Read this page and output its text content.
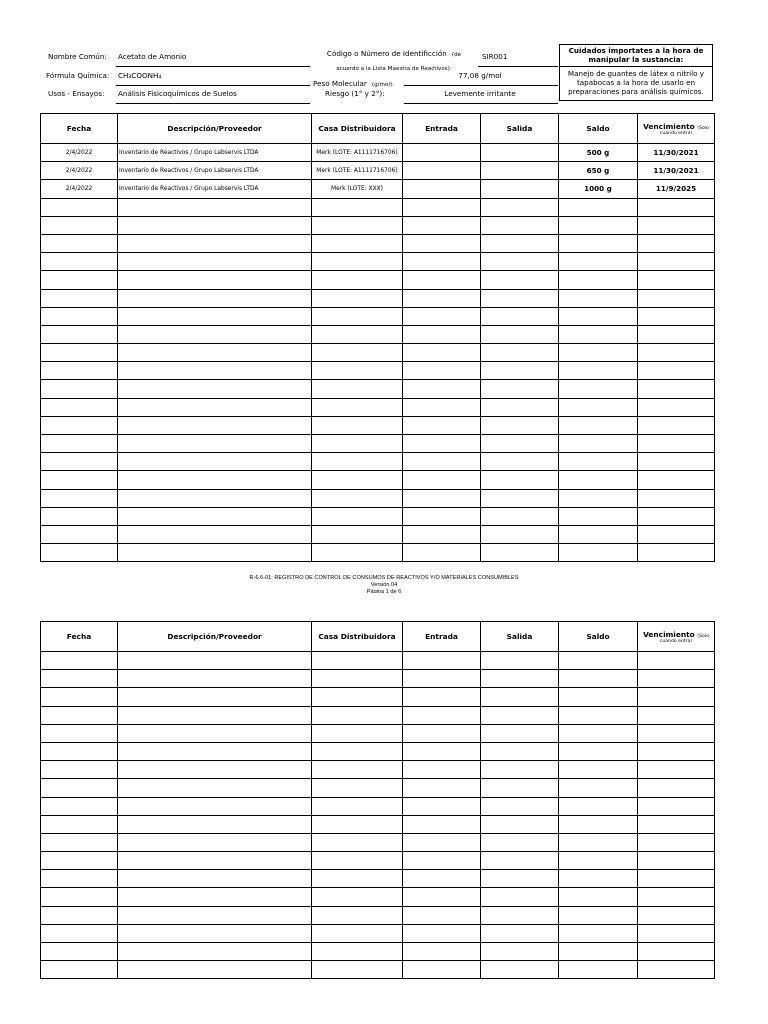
Nombre Común: Acetato de Amonio
Fórmula Química: CH₃COONH₄
Usos - Ensayos: Análisis Fisicoquímicos de Suelos
Código o Número de Identificción (de
acuerdo a la Lista Maestra de Reactivos):
SIR001
Peso Molecular (g/mol):
77,08 g/mol
Riesgo (1° y 2°):	Levemente irritante
Cuidados importates a la hora de manipular la sustancia:
Manejo de guantes de látex o nitrilo y tapabocas a la hora de usarlo en preparaciones para análisis químicos.
Fecha	Descripción/Proveedor	Casa Distribuidora	Entrada	Salida	Saldo	Vencimiento (Solo
cuando entra)

2/4/2022	Inventario de Reactivos / Grupo Labservis LTDA	Merk (LOTE: A1111716706)			500 g	11/30/2021
2/4/2022	Inventario de Reactivos / Grupo Labservis LTDA	Merk (LOTE: A1111716706)			650 g	11/30/2021
2/4/2022	Inventario de Reactivos / Grupo Labservis LTDA	Merk (LOTE: XXX)			1000 g	11/9/2025

R-6.6-01: REGISTRO DE CONTROL DE CONSUMOS DE REACTIVOS Y/O MATERIALES CONSUMIBLES
Versión 04
Página 1 de 6
Fecha	Descripción/Proveedor	Casa Distribuidora	Entrada	Salida	Saldo	Vencimiento (Solo
cuando entra)
